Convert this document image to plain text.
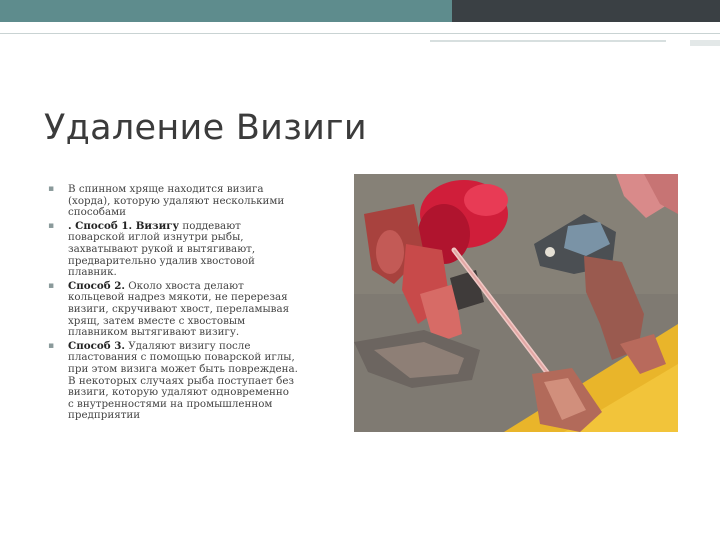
Удаление Визиги
▪ В спинном хряще находится визига (хорда), которую удаляют несколькими способами
▪ . Способ 1. Визигу поддевают поварской иглой изнутри рыбы, захватывают рукой и вытягивают, предварительно удалив хвостовой плавник.
▪ Способ 2. Около хвоста делают кольцевой надрез мякоти, не перерезая визиги, скручивают хвост, переламывая хрящ, затем вместе с хвостовым плавником вытягивают визигу.
▪ Способ 3. Удаляют визигу после пластования с помощью поварской иглы, при этом визига может быть повреждена. В некоторых случаях рыба поступает без визиги, которую удаляют одновременно с внутренностями на промышленном предприятии
